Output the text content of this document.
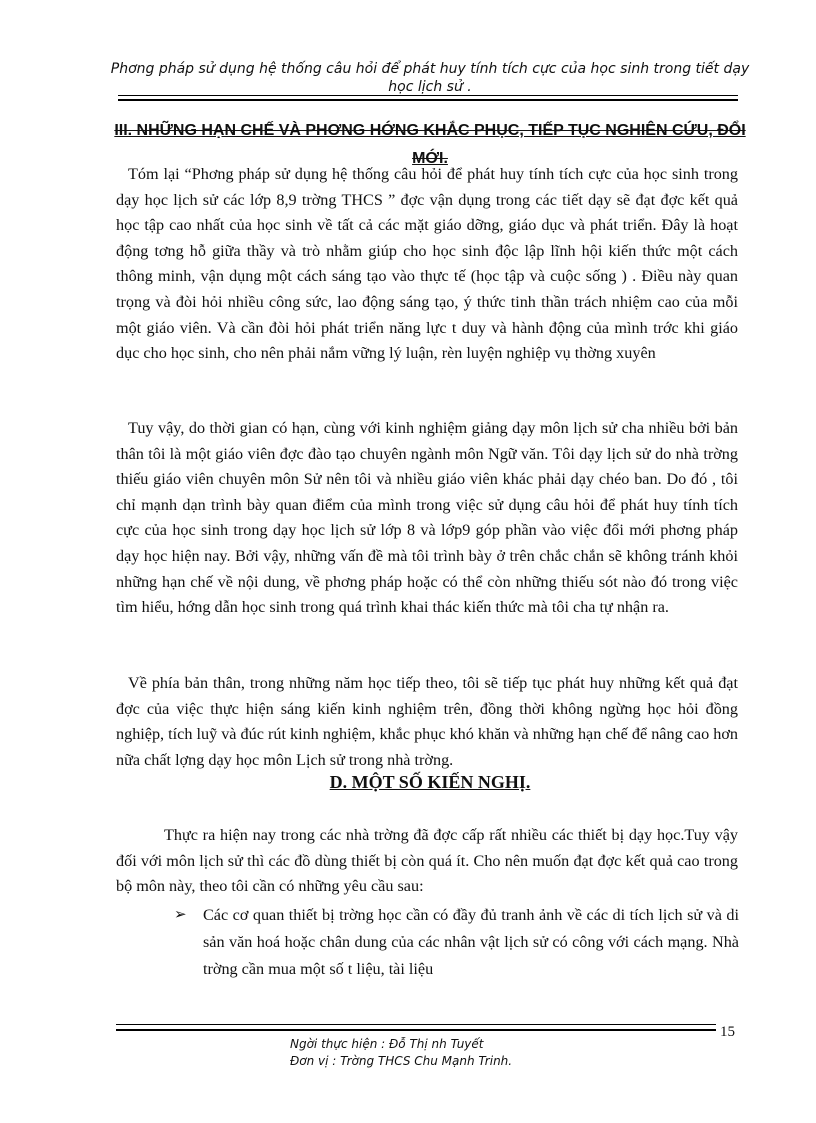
Phơng pháp sử dụng hệ thống câu hỏi để phát huy tính tích cực của học sinh trong tiết dạy học lịch sử .
III. NHỮNG HẠN CHẾ VÀ PHƠNG HỚNG KHẮC PHỤC, TIẾP TỤC NGHIÊN CỨU, ĐỔI MỚI.

Tóm lại “Phơng pháp sử dụng hệ thống câu hỏi để phát huy tính tích cực của học sinh trong dạy học lịch sử các lớp 8,9 trờng THCS ” đợc vận dụng trong các tiết dạy sẽ đạt đợc kết quả học tập cao nhất của học sinh về tất cả các mặt giáo dỡng, giáo dục và phát triển. Đây là hoạt động tơng hỗ giữa thầy và trò nhằm giúp cho học sinh độc lập lĩnh hội kiến thức một cách thông minh, vận dụng một cách sáng tạo vào thực tế (học tập và cuộc sống ) . Điều này quan trọng và đòi hỏi nhiều công sức, lao động sáng tạo, ý thức tinh thần trách nhiệm cao của mỗi một giáo viên. Và cần đòi hỏi phát triển năng lực t duy và hành động của mình trớc khi giáo dục cho học sinh, cho nên phải nắm vững lý luận, rèn luyện nghiệp vụ thờng xuyên

Tuy vậy, do thời gian có hạn, cùng với kinh nghiệm giảng dạy môn lịch sử cha nhiều bởi bản thân tôi là một giáo viên đợc đào tạo chuyên ngành môn Ngữ văn. Tôi dạy lịch sử do nhà trờng thiếu giáo viên chuyên môn Sử nên tôi và nhiều giáo viên khác phải dạy chéo ban. Do đó , tôi chỉ mạnh dạn trình bày quan điểm của mình trong việc sử dụng câu hỏi để phát huy tính tích cực của học sinh trong dạy học lịch sử lớp 8 và lớp9 góp phần vào việc đổi mới phơng pháp dạy học hiện nay. Bởi vậy, những vấn đề mà tôi trình bày ở trên chắc chắn sẽ không tránh khỏi những hạn chế về nội dung, về phơng pháp hoặc có thể còn những thiếu sót nào đó trong việc tìm hiểu, hớng dẫn học sinh trong quá trình khai thác kiến thức mà tôi cha tự nhận ra.

Về phía bản thân, trong những năm học tiếp theo, tôi sẽ tiếp tục phát huy những kết quả đạt đợc của việc thực hiện sáng kiến kinh nghiệm trên, đồng thời không ngừng học hỏi đồng nghiệp, tích luỹ và đúc rút kinh nghiệm, khắc phục khó khăn và những hạn chế để nâng cao hơn nữa chất lợng dạy học môn Lịch sử trong nhà trờng.

D. MỘT SỐ KIẾN NGHỊ.

Thực ra hiện nay trong các nhà trờng đã đợc cấp rất nhiều các thiết bị dạy học.Tuy vậy đối với môn lịch sử thì các đồ dùng thiết bị còn quá ít. Cho nên muốn đạt đợc kết quả cao trong bộ môn này, theo tôi cần có những yêu cầu sau:

➢ Các cơ quan thiết bị trờng học cần có đầy đủ tranh ảnh về các di tích lịch sử và di sản văn hoá hoặc chân dung của các nhân vật lịch sử có công với cách mạng. Nhà trờng cần mua một số t liệu, tài liệu

15
Ngời thực hiện : Đỗ Thị nh Tuyết
Đơn vị : Trờng THCS Chu Mạnh Trinh.
